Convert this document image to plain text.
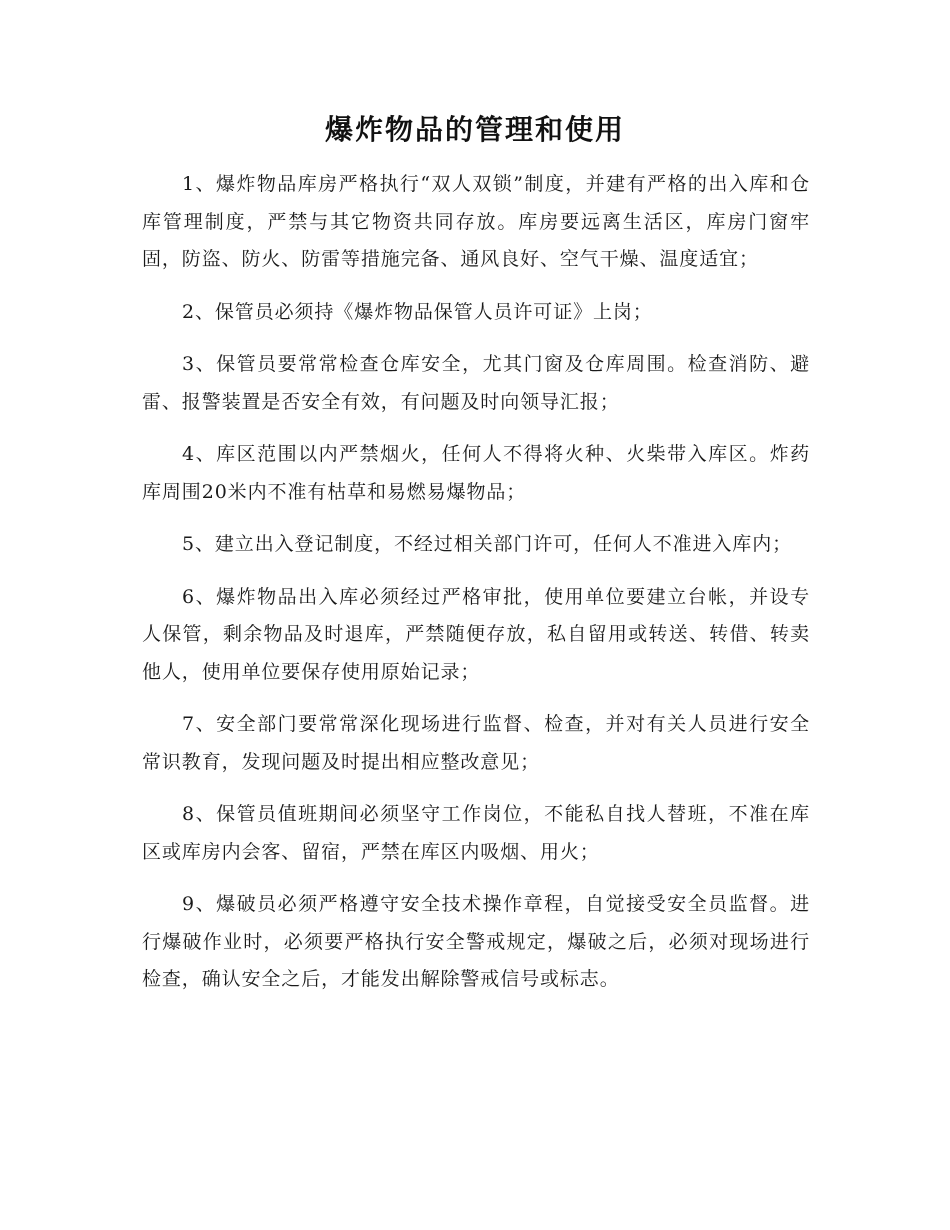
爆炸物品的管理和使用

1、爆炸物品库房严格执行“双人双锁”制度，并建有严格的出入库和仓库管理制度，严禁与其它物资共同存放。库房要远离生活区，库房门窗牢固，防盗、防火、防雷等措施完备、通风良好、空气干燥、温度适宜；

2、保管员必须持《爆炸物品保管人员许可证》上岗；

3、保管员要常常检查仓库安全，尤其门窗及仓库周围。检查消防、避雷、报警装置是否安全有效，有问题及时向领导汇报；

4、库区范围以内严禁烟火，任何人不得将火种、火柴带入库区。炸药库周围20米内不准有枯草和易燃易爆物品；

5、建立出入登记制度，不经过相关部门许可，任何人不准进入库内；

6、爆炸物品出入库必须经过严格审批，使用单位要建立台帐，并设专人保管，剩余物品及时退库，严禁随便存放，私自留用或转送、转借、转卖他人，使用单位要保存使用原始记录；

7、安全部门要常常深化现场进行监督、检查，并对有关人员进行安全常识教育，发现问题及时提出相应整改意见；

8、保管员值班期间必须坚守工作岗位，不能私自找人替班，不准在库区或库房内会客、留宿，严禁在库区内吸烟、用火；

9、爆破员必须严格遵守安全技术操作章程，自觉接受安全员监督。进行爆破作业时，必须要严格执行安全警戒规定，爆破之后，必须对现场进行检查，确认安全之后，才能发出解除警戒信号或标志。
